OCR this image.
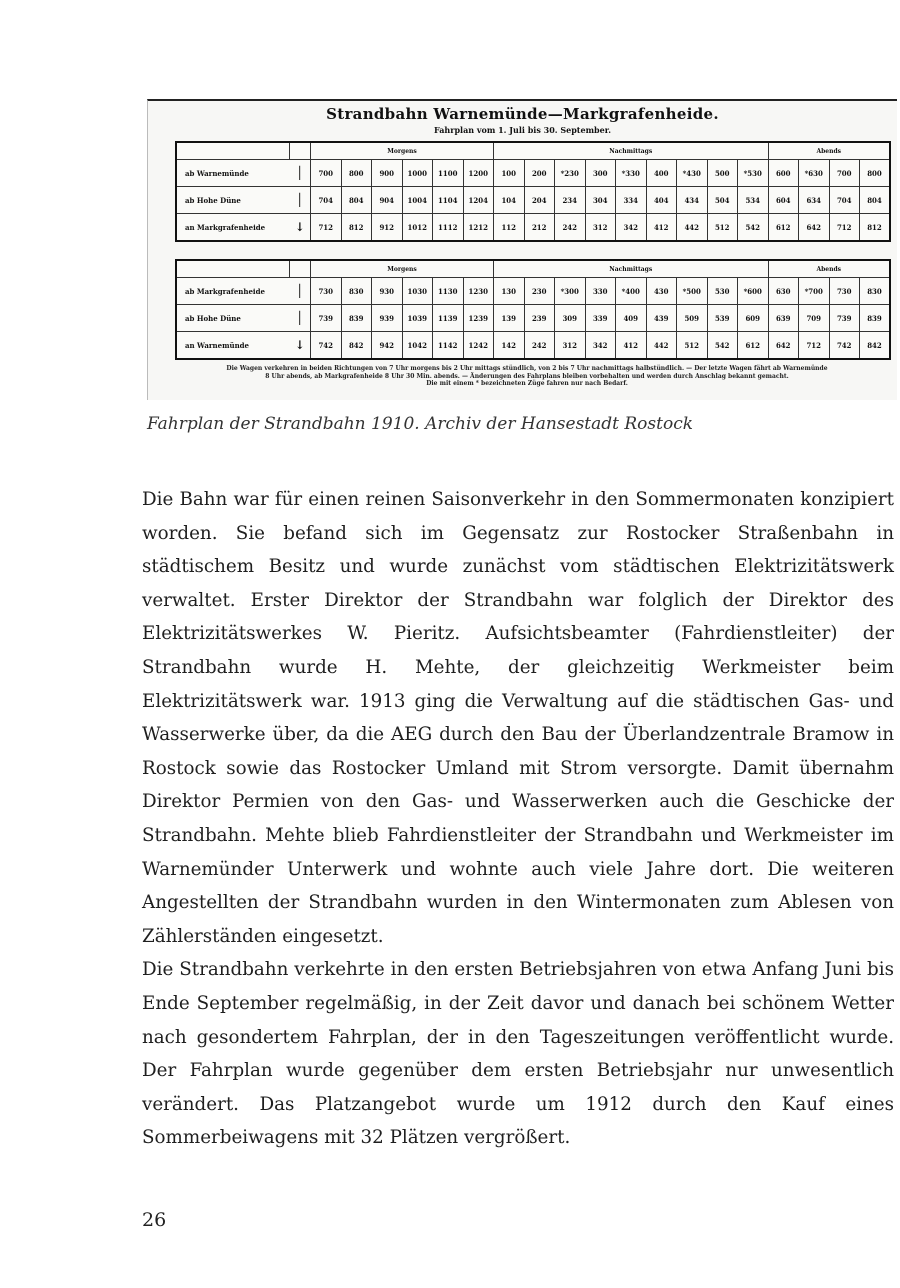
Strandbahn Warnemünde—Markgrafenheide.
Fahrplan vom 1. Juli bis 30. September.
		Morgens						Nachmittags									Abends			
ab Warnemünde	│	700	800	900	1000	1100	1200	100	200	*230	300	*330	400	*430	500	*530	600	*630	700	800
ab Hohe Düne	│	704	804	904	1004	1104	1204	104	204	234	304	334	404	434	504	534	604	634	704	804
an Markgrafenheide	↓	712	812	912	1012	1112	1212	112	212	242	312	342	412	442	512	542	612	642	712	812
		Morgens						Nachmittags									Abends			
ab Markgrafenheide	│	730	830	930	1030	1130	1230	130	230	*300	330	*400	430	*500	530	*600	630	*700	730	830
ab Hohe Düne	│	739	839	939	1039	1139	1239	139	239	309	339	409	439	509	539	609	639	709	739	839
an Warnemünde	↓	742	842	942	1042	1142	1242	142	242	312	342	412	442	512	542	612	642	712	742	842
Die Wagen verkehren in beiden Richtungen von 7 Uhr morgens bis 2 Uhr mittags stündlich, von 2 bis 7 Uhr nachmittags halbstündlich. — Der letzte Wagen fährt ab Warnemünde
8 Uhr abends, ab Markgrafenheide 8 Uhr 30 Min. abends. — Änderungen des Fahrplans bleiben vorbehalten und werden durch Anschlag bekannt gemacht.
Die mit einem * bezeichneten Züge fahren nur nach Bedarf.
Fahrplan der Strandbahn 1910. Archiv der Hansestadt Rostock

Die Bahn war für einen reinen Saisonverkehr in den Sommermonaten konzipiert worden. Sie befand sich im Gegensatz zur Rostocker Straßenbahn in städtischem Besitz und wurde zunächst vom städtischen Elektrizitätswerk verwaltet. Erster Direktor der Strandbahn war folglich der Direktor des Elektrizitätswerkes W. Pieritz. Aufsichtsbeamter (Fahrdienstleiter) der Strandbahn wurde H. Mehte, der gleichzeitig Werkmeister beim Elektrizitätswerk war. 1913 ging die Verwaltung auf die städtischen Gas- und Wasserwerke über, da die AEG durch den Bau der Überlandzentrale Bramow in Rostock sowie das Rostocker Umland mit Strom versorgte. Damit übernahm Direktor Permien von den Gas- und Wasserwerken auch die Geschicke der Strandbahn. Mehte blieb Fahrdienstleiter der Strandbahn und Werkmeister im Warnemünder Unterwerk und wohnte auch viele Jahre dort. Die weiteren Angestellten der Strandbahn wurden in den Wintermonaten zum Ablesen von Zählerständen eingesetzt.

Die Strandbahn verkehrte in den ersten Betriebsjahren von etwa Anfang Juni bis Ende September regelmäßig, in der Zeit davor und danach bei schönem Wetter nach gesondertem Fahrplan, der in den Tageszeitungen veröffentlicht wurde. Der Fahrplan wurde gegenüber dem ersten Betriebsjahr nur unwesentlich verändert. Das Platzangebot wurde um 1912 durch den Kauf eines Sommerbeiwagens mit 32 Plätzen vergrößert.

26
